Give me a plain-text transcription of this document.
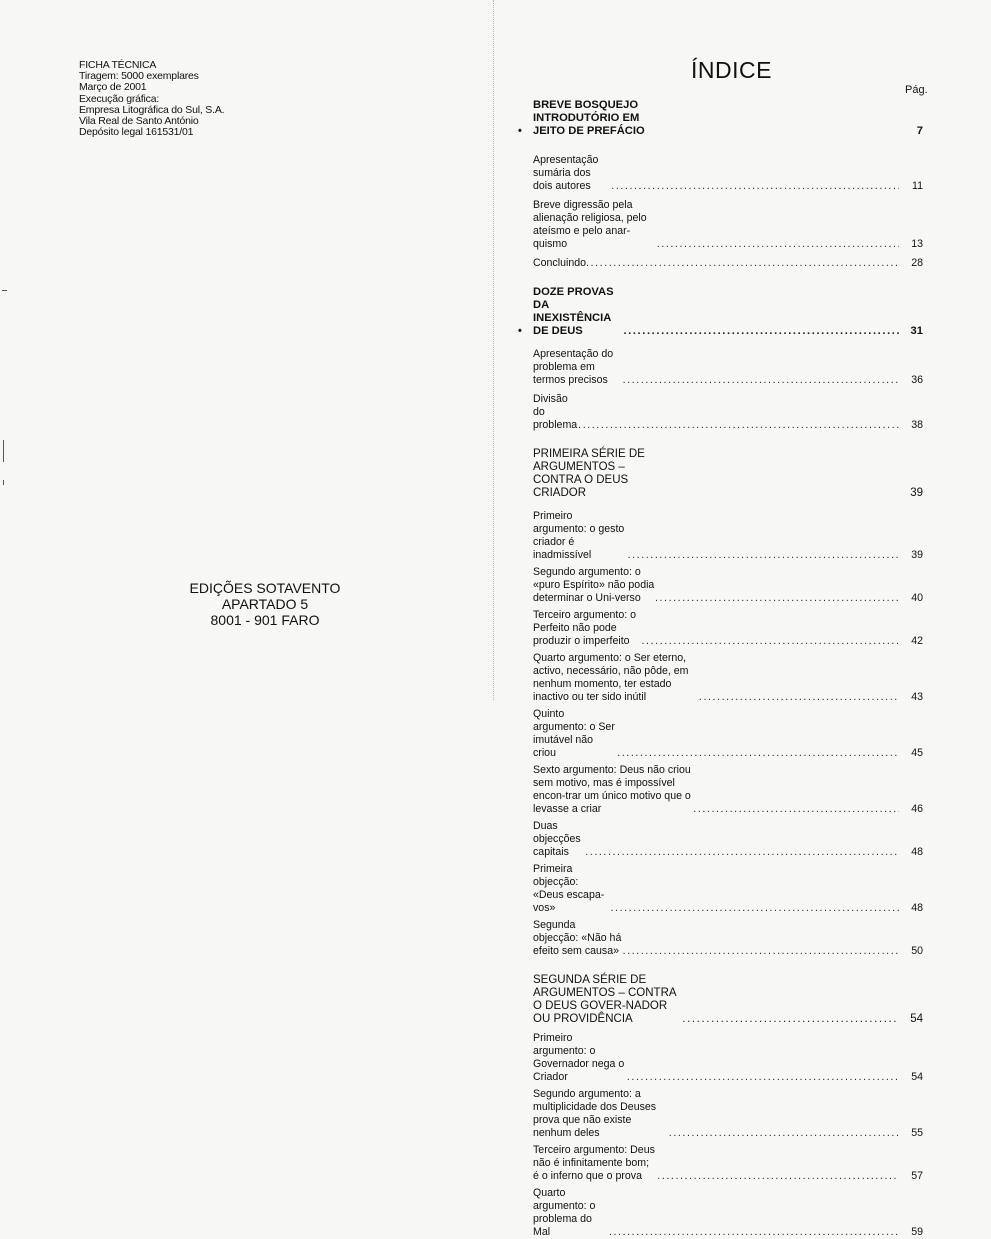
FICHA TÉCNICA
Tiragem: 5000 exemplares
Março de 2001
Execução gráfica:
Empresa Litográfica do Sul, S.A.
Vila Real de Santo António
Depósito legal 161531/01
EDIÇÕES SOTAVENTO
APARTADO 5
8001 - 901 FARO
ÍNDICE
Pág.
•
BREVE BOSQUEJO INTRODUTÓRIO EM JEITO DE PREFÁCIO	7
Apresentação sumária dos dois autores .....	11
Breve digressão pela alienação religiosa, pelo ateísmo e pelo anar-quismo .....	13
Concluindo .....	28
•
DOZE PROVAS DA INEXISTÊNCIA DE DEUS .....	31
Apresentação do problema em termos precisos .....	36
Divisão do problema .....	38
PRIMEIRA SÉRIE DE ARGUMENTOS – CONTRA O DEUS CRIADOR	39
Primeiro argumento: o gesto criador é inadmissível .....	39
Segundo argumento: o «puro Espírito» não podia determinar o Uni-verso .....	40
Terceiro argumento: o Perfeito não pode produzir o imperfeito .....	42
Quarto argumento: o Ser eterno, activo, necessário, não pôde, em nenhum momento, ter estado inactivo ou ter sido inútil .....	43
Quinto argumento: o Ser imutável não criou .....	45
Sexto argumento: Deus não criou sem motivo, mas é impossível encon-trar um único motivo que o levasse a criar .....	46
Duas objecções capitais .....	48
Primeira objecção: «Deus escapa-vos» .....	48
Segunda objecção: «Não há efeito sem causa» .....	50
SEGUNDA SÉRIE DE ARGUMENTOS – CONTRA O DEUS GOVER-NADOR OU PROVIDÊNCIA .....	54
Primeiro argumento: o Governador nega o Criador .....	54
Segundo argumento: a multiplicidade dos Deuses prova que não existe nenhum deles .....	55
Terceiro argumento: Deus não é infinitamente bom; é o inferno que o prova .....	57
Quarto argumento: o problema do Mal .....	59
